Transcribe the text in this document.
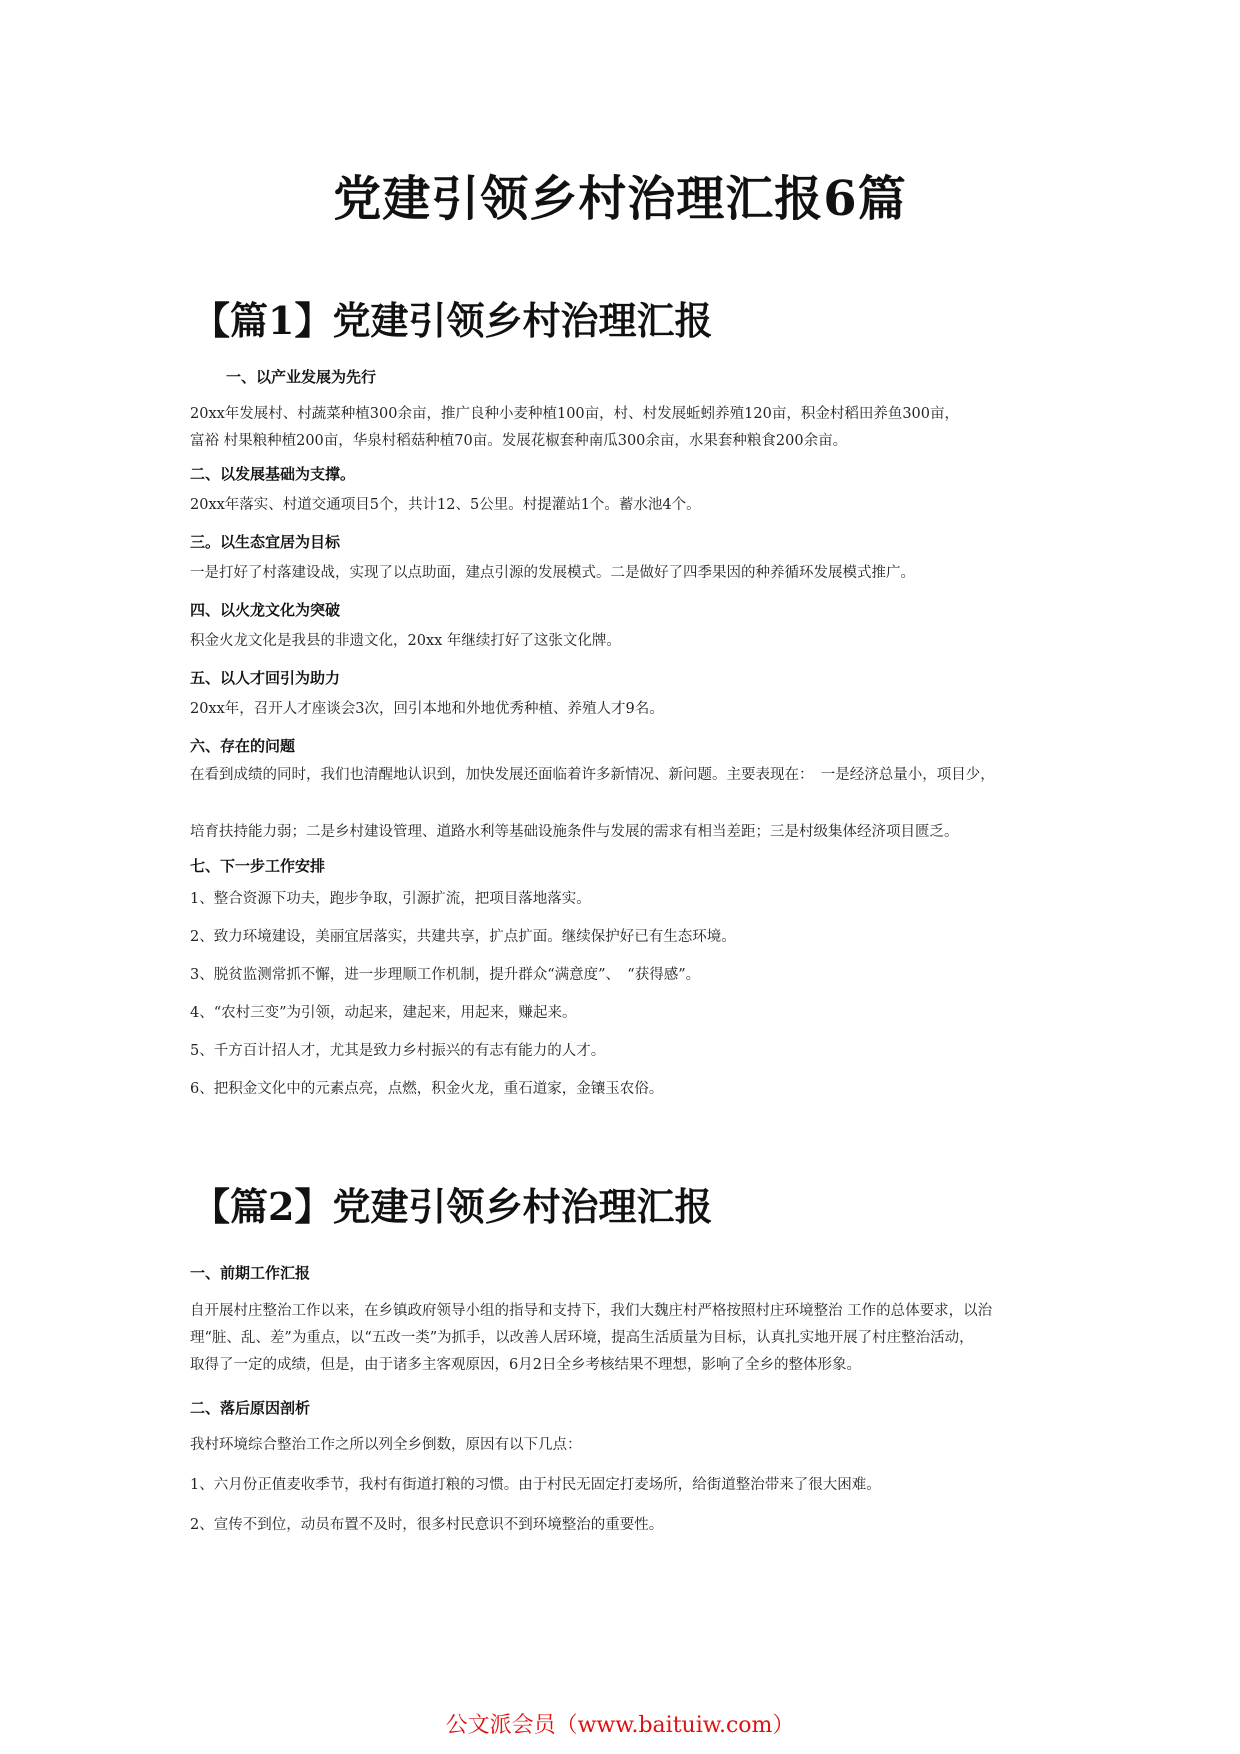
党建引领乡村治理汇报6篇
【篇1】党建引领乡村治理汇报
一、以产业发展为先行
20xx年发展村、村蔬菜种植300余亩，推广良种小麦种植100亩，村、村发展蚯蚓养殖120亩，积金村稻田养鱼300亩，
富裕 村果粮种植200亩，华泉村稻菇种植70亩。发展花椒套种南瓜300余亩，水果套种粮食200余亩。
二、以发展基础为支撑。
20xx年落实、村道交通项目5个，共计12、5公里。村提灌站1个。蓄水池4个。
三。以生态宜居为目标
一是打好了村落建设战，实现了以点助面，建点引源的发展模式。二是做好了四季果因的种养循环发展模式推广。
四、以火龙文化为突破
积金火龙文化是我县的非遗文化，20xx 年继续打好了这张文化牌。
五、以人才回引为助力
20xx年，召开人才座谈会3次，回引本地和外地优秀种植、养殖人才9名。
六、存在的问题
在看到成绩的同时，我们也清醒地认识到，加快发展还面临着许多新情况、新问题。主要表现在：　一是经济总量小，项目少，
培育扶持能力弱；二是乡村建设管理、道路水利等基础设施条件与发展的需求有相当差距；三是村级集体经济项目匮乏。
七、下一步工作安排
1、整合资源下功夫，跑步争取，引源扩流，把项目落地落实。
2、致力环境建设，美丽宜居落实，共建共享，扩点扩面。继续保护好已有生态环境。
3、脱贫监测常抓不懈，进一步理顺工作机制，提升群众“满意度”、　“获得感”。
4、“农村三变”为引领，动起来，建起来，用起来，赚起来。
5、千方百计招人才，尤其是致力乡村振兴的有志有能力的人才。
6、把积金文化中的元素点亮，点燃，积金火龙，重石道家，金镶玉农俗。
【篇2】党建引领乡村治理汇报
一、前期工作汇报
自开展村庄整治工作以来，在乡镇政府领导小组的指导和支持下，我们大魏庄村严格按照村庄环境整治 工作的总体要求，以治
理“脏、乱、差”为重点，以“五改一类”为抓手，以改善人居环境，提高生活质量为目标，认真扎实地开展了村庄整治活动，
取得了一定的成绩，但是，由于诸多主客观原因，6月2日全乡考核结果不理想，影响了全乡的整体形象。
二、落后原因剖析
我村环境综合整治工作之所以列全乡倒数，原因有以下几点：
1、六月份正值麦收季节，我村有街道打粮的习惯。由于村民无固定打麦场所，给街道整治带来了很大困难。
2、宣传不到位，动员布置不及时，很多村民意识不到环境整治的重要性。
公文派会员（www.baituiw.com）
